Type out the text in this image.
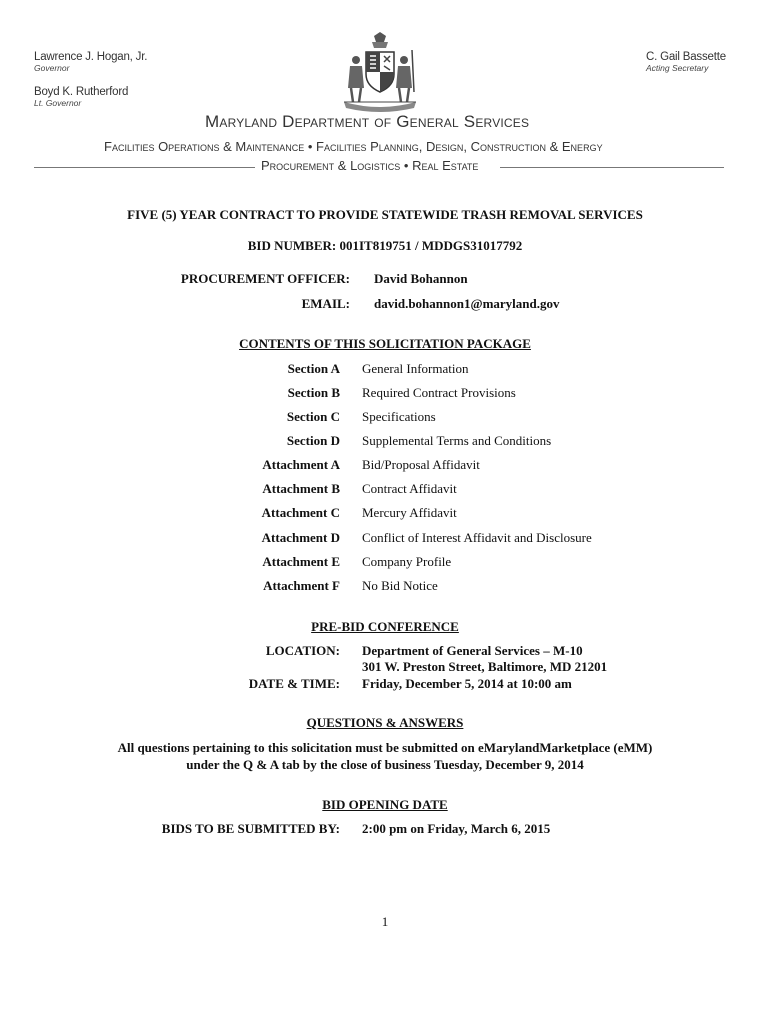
Lawrence J. Hogan, Jr.
Governor
Boyd K. Rutherford
Lt. Governor
C. Gail Bassette
Acting Secretary
Maryland Department of General Services
Facilities Operations & Maintenance • Facilities Planning, Design, Construction & Energy
Procurement & Logistics • Real Estate
FIVE (5) YEAR CONTRACT TO PROVIDE STATEWIDE TRASH REMOVAL SERVICES
BID NUMBER: 001IT819751 / MDDGS31017792
PROCUREMENT OFFICER: David Bohannon
EMAIL: david.bohannon1@maryland.gov
CONTENTS OF THIS SOLICITATION PACKAGE
Section A General Information
Section B Required Contract Provisions
Section C Specifications
Section D Supplemental Terms and Conditions
Attachment A Bid/Proposal Affidavit
Attachment B Contract Affidavit
Attachment C Mercury Affidavit
Attachment D Conflict of Interest Affidavit and Disclosure
Attachment E Company Profile
Attachment F No Bid Notice
PRE-BID CONFERENCE
LOCATION: Department of General Services – M-10
301 W. Preston Street, Baltimore, MD 21201
DATE & TIME: Friday, December 5, 2014 at 10:00 am
QUESTIONS & ANSWERS
All questions pertaining to this solicitation must be submitted on eMarylandMarketplace (eMM)
under the Q & A tab by the close of business Tuesday, December 9, 2014
BID OPENING DATE
BIDS TO BE SUBMITTED BY: 2:00 pm on Friday, March 6, 2015
1
